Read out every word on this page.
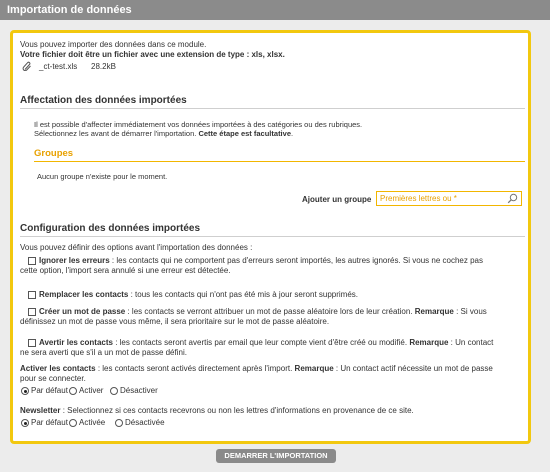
Importation de données
Vous pouvez importer des données dans ce module.
Votre fichier doit être un fichier avec une extension de type : xls, xlsx.
_ct-test.xls 28.2kB
Affectation des données importées
Il est possible d'affecter immédiatement vos données importées à des catégories ou des rubriques.
Sélectionnez les avant de démarrer l'importation. Cette étape est facultative.
Groupes
Aucun groupe n'existe pour le moment.
Ajouter un groupe
Premières lettres ou *
Configuration des données importées
Vous pouvez définir des options avant l'importation des données :
Ignorer les erreurs : les contacts qui ne comportent pas d'erreurs seront importés, les autres ignorés. Si vous ne cochez pas
cette option, l'import sera annulé si une erreur est détectée.
Remplacer les contacts : tous les contacts qui n'ont pas été mis à jour seront supprimés.
Créer un mot de passe : les contacts se verront attribuer un mot de passe aléatoire lors de leur création. Remarque : Si vous
définissez un mot de passe vous même, il sera prioritaire sur le mot de passe aléatoire.
Avertir les contacts : les contacts seront avertis par email que leur compte vient d'être créé ou modifié. Remarque : Un contact
ne sera averti que s'il a un mot de passe défini.
Activer les contacts : les contacts seront activés directement après l'import. Remarque : Un contact actif nécessite un mot de passe
pour se connecter.
Par défaut Activer Désactiver
Newsletter : Selectionnez si ces contacts recevrons ou non les lettres d'informations en provenance de ce site.
Par défaut Activée Désactivée
DEMARRER L'IMPORTATION
